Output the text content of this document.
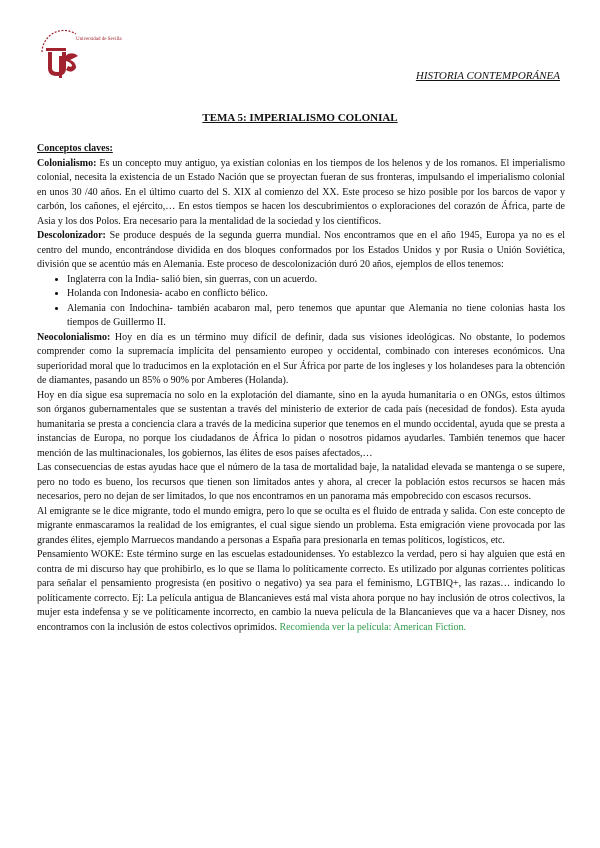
Universidad de Sevilla
HISTORIA CONTEMPORÁNEA
TEMA 5: IMPERIALISMO COLONIAL

Conceptos claves:

Colonialismo: Es un concepto muy antiguo, ya existían colonias en los tiempos de los helenos y de los romanos. El imperialismo colonial, necesita la existencia de un Estado Nación que se proyectan fueran de sus fronteras, impulsando el imperialismo colonial en unos 30 /40 años. En el último cuarto del S. XIX al comienzo del XX. Este proceso se hizo posible por los barcos de vapor y carbón, los cañones, el ejército,… En estos tiempos se hacen los descubrimientos o exploraciones del corazón de África, parte de Asia y los dos Polos. Era necesario para la mentalidad de la sociedad y los científicos.

Descolonizador: Se produce después de la segunda guerra mundial. Nos encontramos que en el año 1945, Europa ya no es el centro del mundo, encontrándose dividida en dos bloques conformados por los Estados Unidos y por Rusia o Unión Soviética, división que se acentúo más en Alemania. Este proceso de descolonización duró 20 años, ejemplos de ellos tenemos:

• Inglaterra con la India- salió bien, sin guerras, con un acuerdo.
• Holanda con Indonesia- acabo en conflicto bélico.
• Alemania con Indochina- también acabaron mal, pero tenemos que apuntar que Alemania no tiene colonias hasta los tiempos de Guillermo II.

Neocolonialismo: Hoy en día es un término muy difícil de definir, dada sus visiones ideológicas. No obstante, lo podemos comprender como la supremacía implícita del pensamiento europeo y occidental, combinado con intereses económicos. Una superioridad moral que lo traducimos en la explotación en el Sur África por parte de los ingleses y los holandeses para la obtención de diamantes, pasando un 85% o 90% por Amberes (Holanda).

Hoy en día sigue esa supremacía no solo en la explotación del diamante, sino en la ayuda humanitaria o en ONGs, estos últimos son órganos gubernamentales que se sustentan a través del ministerio de exterior de cada país (necesidad de fondos). Esta ayuda humanitaria se presta a conciencia clara a través de la medicina superior que tenemos en el mundo occidental, ayuda que se presta a instancias de Europa, no porque los ciudadanos de África lo pidan o nosotros pidamos ayudarles. También tenemos que hacer mención de las multinacionales, los gobiernos, las élites de esos países afectados,…

Las consecuencias de estas ayudas hace que el número de la tasa de mortalidad baje, la natalidad elevada se mantenga o se supere, pero no todo es bueno, los recursos que tienen son limitados antes y ahora, al crecer la población estos recursos se hacen más necesarios, pero no dejan de ser limitados, lo que nos encontramos en un panorama más empobrecido con escasos recursos.

Al emigrante se le dice migrante, todo el mundo emigra, pero lo que se oculta es el fluido de entrada y salida. Con este concepto de migrante enmascaramos la realidad de los emigrantes, el cual sigue siendo un problema. Esta emigración viene provocada por las grandes élites, ejemplo Marruecos mandando a personas a España para presionarla en temas políticos, logísticos, etc.

Pensamiento WOKE: Este término surge en las escuelas estadounidenses. Yo establezco la verdad, pero si hay alguien que está en contra de mi discurso hay que prohibirlo, es lo que se llama lo políticamente correcto. Es utilizado por algunas corrientes políticas para señalar el pensamiento progresista (en positivo o negativo) ya sea para el feminismo, LGTBIQ+, las razas… indicando lo políticamente correcto. Ej: La película antigua de Blancanieves está mal vista ahora porque no hay inclusión de otros colectivos, la mujer esta indefensa y se ve políticamente incorrecto, en cambio la nueva película de la Blancanieves que va a hacer Disney, nos encontramos con la inclusión de estos colectivos oprimidos. Recomienda ver la película: American Fiction.
